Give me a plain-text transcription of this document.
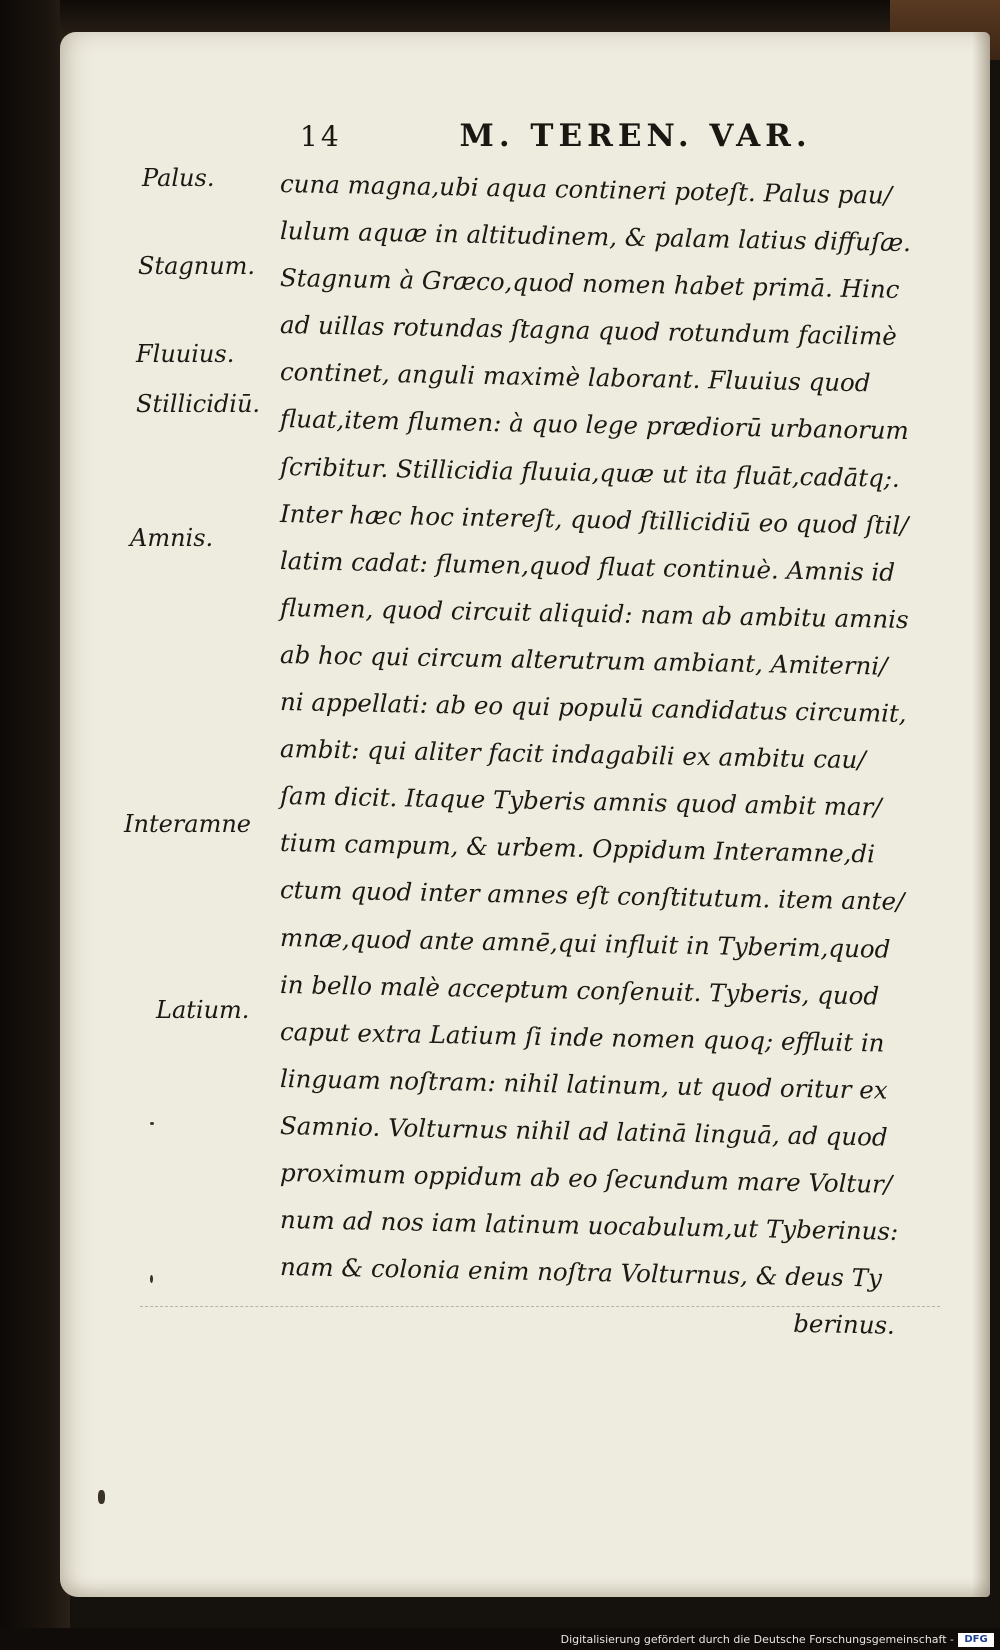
14	M. TEREN. VAR.
Palus.
Stagnum.
Fluuius.
Stillicidiū.
Amnis.
Interamne
Latium.
cuna magna,ubi aqua contineri poteſt. Palus pau/
lulum aquæ in altitudinem, & palam latius diffuſæ.
Stagnum à Græco,quod nomen habet primā. Hinc
ad uillas rotundas ſtagna quod rotundum facilimè
continet, anguli maximè laborant. Fluuius quod
fluat,item flumen: à quo lege prædiorū urbanorum
ſcribitur. Stillicidia fluuia,quæ ut ita fluāt,cadātq;.
Inter hæc hoc intereſt, quod ſtillicidiū eo quod ſtil/
latim cadat: flumen,quod fluat continuè. Amnis id
flumen, quod circuit aliquid: nam ab ambitu amnis
ab hoc qui circum alterutrum ambiant, Amiterni/
ni appellati: ab eo qui populū candidatus circumit,
ambit: qui aliter facit indagabili ex ambitu cau/
ſam dicit. Itaque Tyberis amnis quod ambit mar/
tium campum, & urbem. Oppidum Interamne,di
ctum quod inter amnes eſt conſtitutum. item ante/
mnæ,quod ante amnē,qui influit in Tyberim,quod
in bello malè acceptum conſenuit. Tyberis, quod
caput extra Latium ſi inde nomen quoq; effluit in
linguam noſtram: nihil latinum, ut quod oritur ex
Samnio. Volturnus nihil ad latinā linguā, ad quod
proximum oppidum ab eo ſecundum mare Voltur/
num ad nos iam latinum uocabulum,ut Tyberinus:
nam & colonia enim noſtra Volturnus, & deus Ty
berinus.
Digitalisierung gefördert durch die Deutsche Forschungsgemeinschaft -	DFG
